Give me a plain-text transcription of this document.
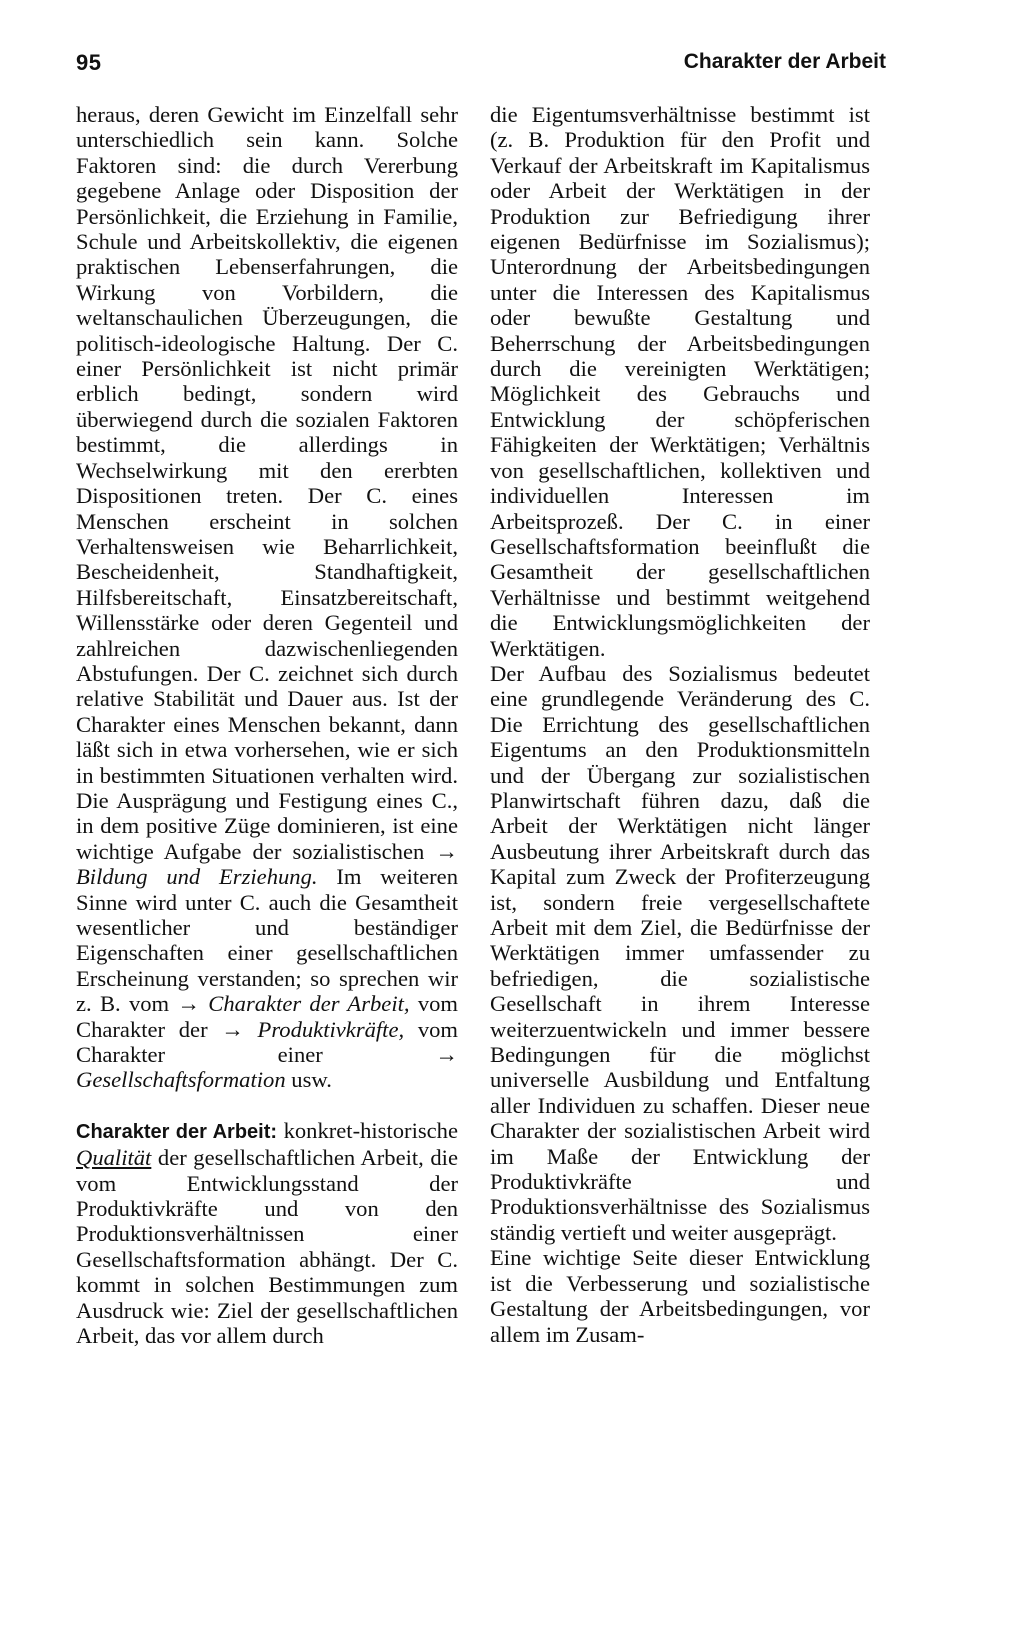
95	Charakter der Arbeit

heraus, deren Gewicht im Einzelfall sehr unterschiedlich sein kann. Solche Faktoren sind: die durch Vererbung gegebene Anlage oder Disposition der Persönlichkeit, die Erziehung in Familie, Schule und Arbeitskollektiv, die eigenen praktischen Lebenserfahrungen, die Wirkung von Vorbildern, die weltanschaulichen Überzeugungen, die politisch-ideologische Haltung. Der C. einer Persönlichkeit ist nicht primär erblich bedingt, sondern wird überwiegend durch die sozialen Faktoren bestimmt, die allerdings in Wechselwirkung mit den ererbten Dispositionen treten. Der C. eines Menschen erscheint in solchen Verhaltensweisen wie Beharrlichkeit, Bescheidenheit, Standhaftigkeit, Hilfsbereitschaft, Einsatzbereitschaft, Willensstärke oder deren Gegenteil und zahlreichen dazwischenliegenden Abstufungen. Der C. zeichnet sich durch relative Stabilität und Dauer aus. Ist der Charakter eines Menschen bekannt, dann läßt sich in etwa vorhersehen, wie er sich in bestimmten Situationen verhalten wird. Die Ausprägung und Festigung eines C., in dem positive Züge dominieren, ist eine wichtige Aufgabe der sozialistischen → Bildung und Erziehung. Im weiteren Sinne wird unter C. auch die Gesamtheit wesentlicher und beständiger Eigenschaften einer gesellschaftlichen Erscheinung verstanden; so sprechen wir z. B. vom → Charakter der Arbeit, vom Charakter der → Produktivkräfte, vom Charakter einer	→ Gesellschaftsformation usw.

Charakter der Arbeit: konkret-historische Qualität der gesellschaftlichen Arbeit, die vom Entwicklungsstand der Produktivkräfte und von den Produktionsverhältnissen einer Gesellschaftsformation abhängt. Der C. kommt in solchen Bestimmungen zum Ausdruck wie: Ziel der gesellschaftlichen Arbeit, das vor allem durch

die Eigentumsverhältnisse bestimmt ist (z. B. Produktion für den Profit und Verkauf der Arbeitskraft im Kapitalismus oder Arbeit der Werktätigen in der Produktion zur Befriedigung ihrer eigenen Bedürfnisse im Sozialismus); Unterordnung der Arbeitsbedingungen unter die Interessen des Kapitalismus oder bewußte Gestaltung und Beherrschung der Arbeitsbedingungen durch die vereinigten Werktätigen; Möglichkeit des Gebrauchs und Entwicklung der schöpferischen Fähigkeiten der Werktätigen; Verhältnis von gesellschaftlichen, kollektiven und individuellen Interessen im Arbeitsprozeß. Der C. in einer Gesellschaftsformation beeinflußt die Gesamtheit der gesellschaftlichen Verhältnisse und bestimmt weitgehend die Entwicklungsmöglichkeiten der Werktätigen.

Der Aufbau des Sozialismus bedeutet eine grundlegende Veränderung des C. Die Errichtung des gesellschaftlichen Eigentums an den Produktionsmitteln und der Übergang zur sozialistischen Planwirtschaft führen dazu, daß die Arbeit der Werktätigen nicht länger Ausbeutung ihrer Arbeitskraft durch das Kapital zum Zweck der Profiterzeugung ist, sondern freie vergesellschaftete Arbeit mit dem Ziel, die Bedürfnisse der Werktätigen immer umfassender zu befriedigen, die sozialistische Gesellschaft in ihrem Interesse weiterzuentwickeln und immer bessere Bedingungen für die möglichst universelle Ausbildung und Entfaltung aller Individuen zu schaffen. Dieser neue Charakter der sozialistischen Arbeit wird im Maße der Entwicklung der Produktivkräfte und Produktionsverhältnisse des Sozialismus ständig vertieft und weiter ausgeprägt.

Eine wichtige Seite dieser Entwicklung ist die Verbesserung und sozialistische Gestaltung der Arbeitsbedingungen, vor allem im Zusam-
